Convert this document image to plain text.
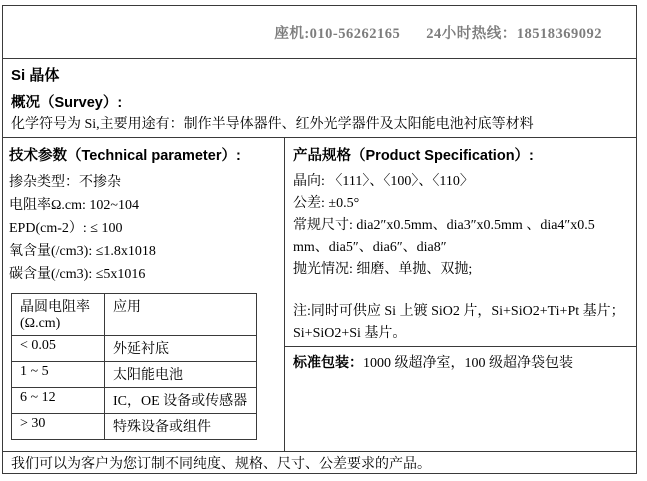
座机:010-56262165 24小时热线：18518369092
Si 晶体
概况（Survey）:
化学符号为 Si,主要用途有：制作半导体器件、红外光学器件及太阳能电池衬底等材料
技术参数（Technical parameter）:
掺杂类型：不掺杂
电阻率Ω.cm: 102~104
EPD(cm-2）: ≤ 100
氧含量(/cm3): ≤1.8x1018
碳含量(/cm3): ≤5x1016
晶圆电阻率 (Ω.cm)	应用
< 0.05	外延衬底
1 ~ 5	太阳能电池
6 ~ 12	IC，OE 设备或传感器
> 30	特殊设备或组件
产品规格（Product Specification）:
晶向: 〈111〉、〈100〉、〈110〉
公差: ±0.5°
常规尺寸: dia2″x0.5mm、dia3″x0.5mm 、dia4″x0.5 mm、dia5″、dia6″、dia8″
抛光情况: 细磨、单抛、双抛;
注:同时可供应 Si 上镀 SiO2 片，Si+SiO2+Ti+Pt 基片；Si+SiO2+Si 基片。
标准包装：1000 级超净室，100 级超净袋包装
我们可以为客户为您订制不同纯度、规格、尺寸、公差要求的产品。
